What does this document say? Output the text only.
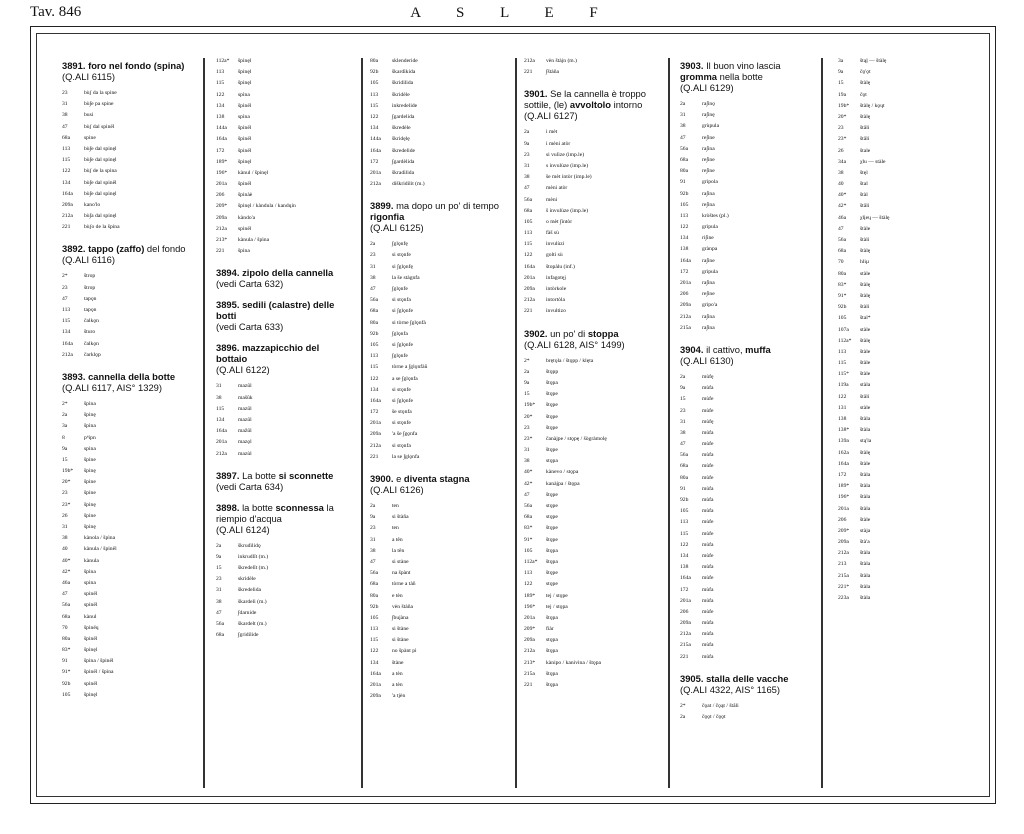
Tav. 846	A S L E F
3891. foro nel fondo (spina)
(Q.ALI 6115)
23	bùʃ da la spine
31	bù∫e pa spine
38	busi
47	bùʃ dal spinël
68a spine
113 bù∫e dal spinęl
115 bù∫e dal spinęl
122 bùʃ de la spina
134 bù∫e dal spinël
164a bù∫e dal spinęl
209a kano'lo
212a bù∫a dal spinęl
221 bùʃo de la špina
3892. tappo (zaffo) del fondo
(Q.ALI 6116)
2*	štrop
23	štrop
47	tapǫn
113 tapǫn
115 čalkǫn
134 šturo
164a čalkǫn
212a čarklǫp
3893. cannella della botte
(Q.ALI 6117, AIS° 1329)
2*	špìna
2a	špinę
3a	špìna
8	pʰìpn
9a	spina
15	špine
19b* špinę
20* špine
23	špine
23* špinę
26	špine
31	špinę
38	kànola / špìna
40	kànula / špinël
40* kànula
42* špìna
46a spina
47	spinël
56a spinël
68a kànul
70	špinëų
80a špinël
83* špinęl
91	špina / špinël
91* špinël / špìna
92b spinël
105 špinęl
112a* špinęl
113 špinęl
115 špinęl
122 spìna
134 špinël
138 spìna
144a špinël
164a špinël
172 špinël
189* špinęl
196* kànul / špinęl
201a špinël
206 špinàè
209* špinęl / kàndula / kandųin
209a kàndo'a
212a spinël
213* kànula / špìna
221 špina
3894. zipolo della cannella
(vedi Carta 632)
3895. sedili (calastre) delle botti
(vedi Carta 633)
3896. mazzapicchio del bottaio
(Q.ALI 6122)
31	mazûl
38	mašûk
115 mazûl
134 mazûl
164a mažûl
201a mazǫl
212a mazùl
3897. La botte si sconnette
(vedi Carta 634)
3898. la botte sconnessa la riempio d'acqua
(Q.ALI 6124)
2a	škrudìlidǫ
9a	inkrudlît (m.)
15	škredelît (m.)
23	skridèle
31	škredelida
38	škardeli (m.)
47	∫darnide
56a škardelt (m.)
68a ∫gridilide
80a sklenderide
92b škardìkida
105 škridilida
113 škridèle
115 inkredelide
122 ∫gardelida
134 škredèle
144a škridęlę
164a škredelide
172 ∫gardèlida
201a škradilida
212a diškridilit (m.)
3899. ma dopo un po' di tempo rigonfia
(Q.ALI 6125)
2a	∫glǫnfę
23	si stǫnfe
31	si ∫glǫnfę
38	la še stàgnfa
47	∫glǫnfe
56a si stǫnfa
68a si ∫glǫnfe
80a si tòrne ∫glǫnfà
92b ∫glǫnfa
105 si ∫glǫnfe
113 ∫glǫnfe
115 tòrne a ∫glǫnfàũ
122 a se ∫glǫnfa
134 si stǫnfe
164a si ∫glǫnfe
172 še stǫnfa
201a si stǫnfe
209a 'a še ∫gǫnfa
212a si stǫnfa
221 la se ∫glǫnfa
3900. e diventa stagna
(Q.ALI 6126)
2a	ten
9a	si štàňa
23	ten
31	a tên
38	la tên
47	si stàne
56a na špànt
68a tòrne a tàñ
80a e tèn
92b vèn štàňa
105 ∫bujàna
113 si štàne
115 si štàne
122 no špànt pì
134 štàne
164a a tèn
201a a tèn
209a 'a tjèn
212a vèn štàjn (m.)
221 ∫štàňa
3901. Se la cannella è troppo sottile, (le) avvoltolo intorno
(Q.ALI 6127)
2a	i mèt
9a	i mèni atòr
23	si vulìze (imp.le)
31	s invulùze (imp.le)
38	še mèt intòr (imp.le)
47	mèni atòr
56a mèni
68a š invulùze (imp.le)
105 o mèt ∫intòr
113 fàš sù
115 invulùzi
122 golti sù
164a štopàlu (inf.)
201a infagotęj
209a intòrkole
212a intortòla
221 invultizo
3902. un po' di stoppa
(Q.ALI 6128, AIS° 1499)
2*	brętǫla / štǫpp / klęta
2a	štǫpp
9a	štǫpa
15	štǫpe
19b* štǫpe
20* štǫpe
23	štǫpe
23* čanàjpe / stǫpę / šògràmolę
31	štǫpe
38	stǫpa
40* kànevo / stǫpa
42* kanàjpa / štǫpa
47	štǫpe
56a stǫpe
68a stǫpe
83* štǫpe
91* štǫpe
105 štǫpa
112a* štǫpa
113 štǫpe
122 stǫpe
189* tej / stǫpe
196* tej / stǫpa
201a štǫpa
209* fiàr
209a stǫpa
212a štǫpa
213* kànipo / kanivina / štǫpa
215a štǫpa
221 štǫpa
3903. Il buon vino lascia gromma nella botte
(Q.ALI 6129)
2a	ra∫ìnǫ
31	ra∫ìnę
38	grùpula
47	re∫ìne
56a ra∫ìna
68a re∫ìne
80a re∫ìne
91	grìpola
92b ra∫ìna
105 re∫ìna
113 kròštes (pl.)
122 grìpula
134 ri∫ìne
138 grànpa
164a ra∫ìne
172 grìpula
201a ra∫ìna
206 re∫ìne
209a grìpo'a
212a ra∫ìna
215a ra∫ìna
3904. il cattivo, muffa
(Q.ALI 6130)
2a	mùfę
9a	mùfa
15	mùfe
23	mùfe
31	mùfę
38	mùfa
47	mùfe
56a mùfa
68a mùfe
80a mùfe
91	mùfa
92b mùfa
105 mùfa
113 mùfe
115 mùfe
122 mùfa
134 mùfe
138 mùfa
164a mùfe
172 mùfa
201a mùfa
206 mùfe
209a mùfa
212a mùfa
215a mùfa
221 mùfa
3905. stalla delle vacche
(Q.ALI 4322, AIS° 1165)
2*	čǫat / čǫąt / štâli
2a	čǫǫt / čǫǫt
3a	štąļ — štàlę
9a	čǫ'ǫt
15	štàlę
19a čǫt
19b* štàlę / kǫųt
20* štàlę
23	štâli
23* štâli
26	štale
34a χlu — stàle
38	štęl
40	štal
40* štàl
42* štâli
46a χlįeų — štàlę
47	štàle
56a štàli
68a štàlę
70	hliµ
80a stàle
83* štàlę
91* štàlę
92b štàli
105 štal*
107a stàle
112a* štàlę
113 štàle
115 štàle
115* štàle
119a stàla
122 štâli
131 stàle
138 štàla
138* štàla
139a stą'la
162a štàlę
164a štàle
172 štàla
189* štàla
196* štàla
201a štàla
206 štàle
209* stàja
209a štà'a
212a štàla
213 štàla
215a štàla
221* štàla
223a štàla
